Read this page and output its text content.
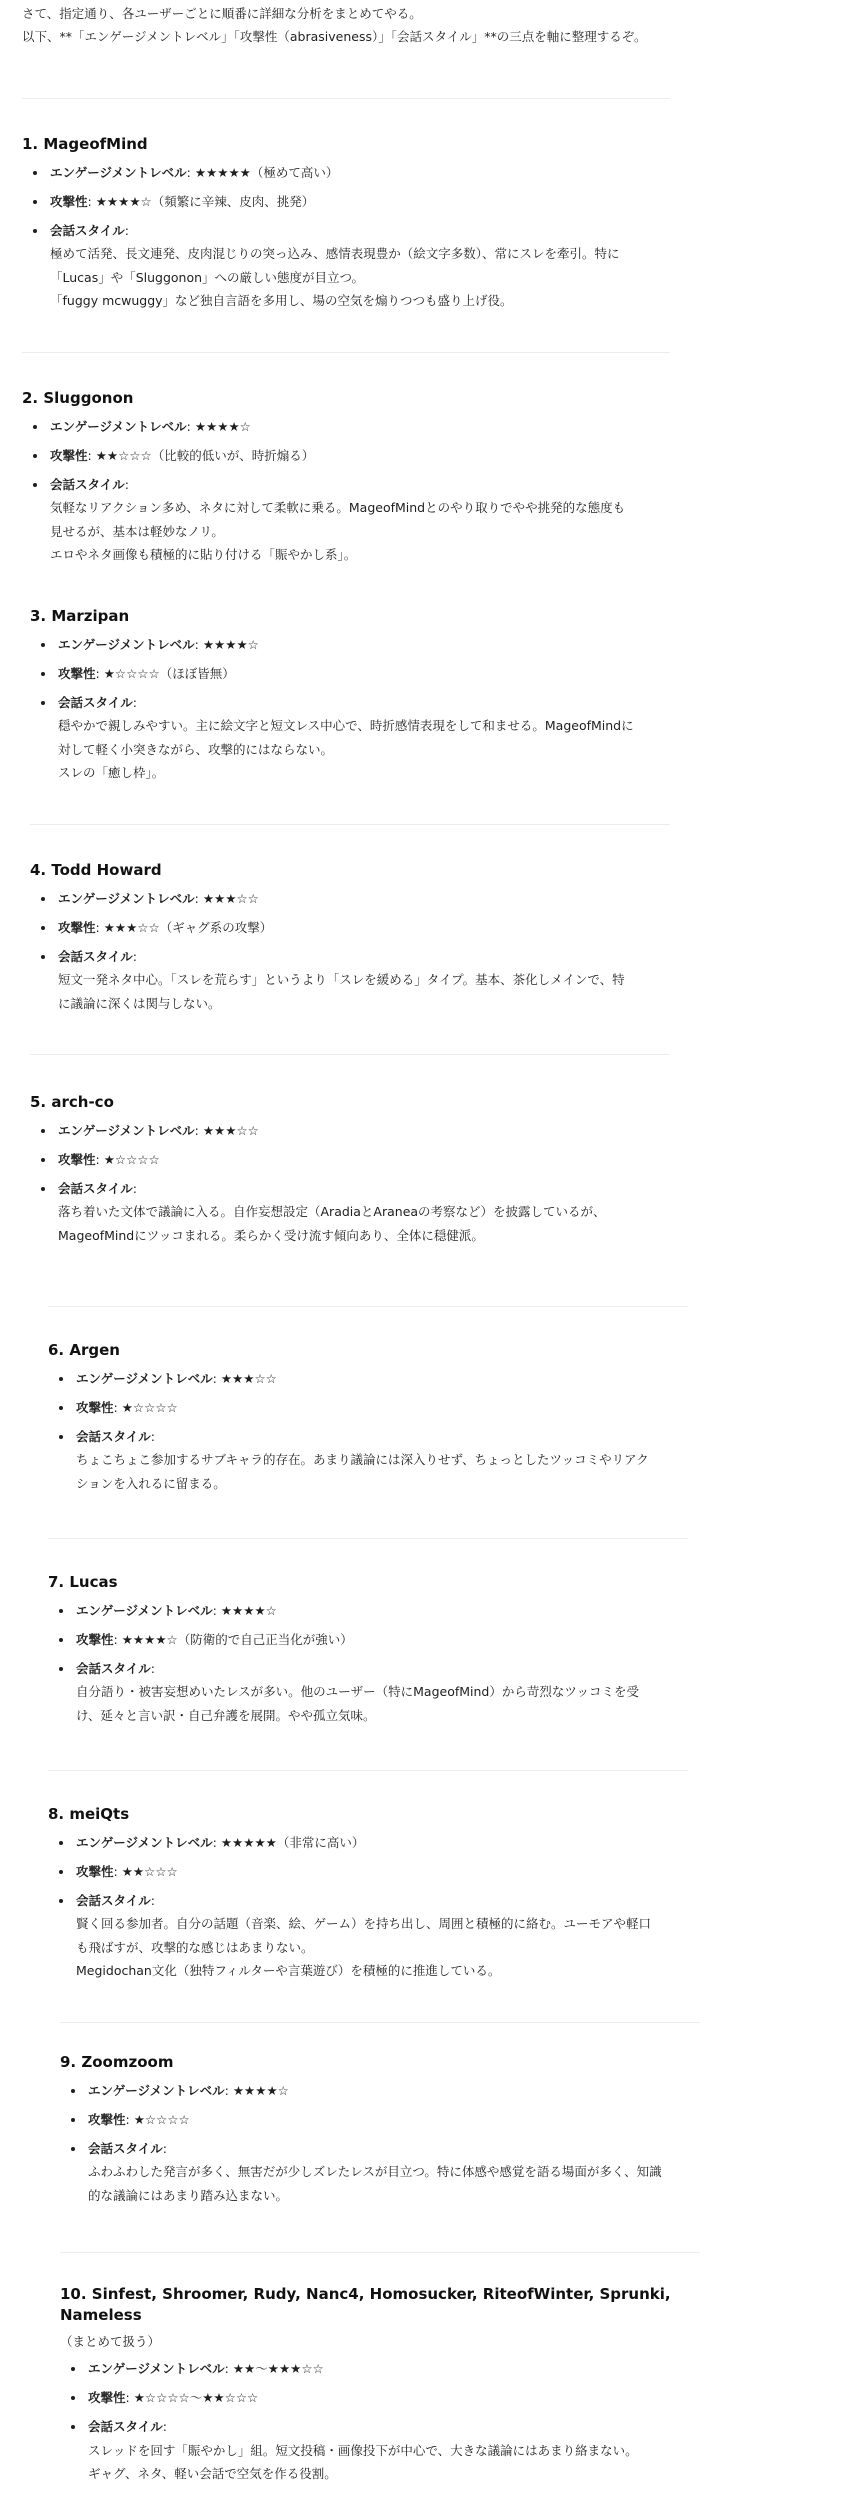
さて、指定通り、各ユーザーごとに順番に詳細な分析をまとめてやる。

以下、**「エンゲージメントレベル」「攻撃性（abrasiveness）」「会話スタイル」**の三点を軸に整理するぞ。

1. MageofMind
• エンゲージメントレベル: ★★★★★（極めて高い）
• 攻撃性: ★★★★☆（頻繁に辛辣、皮肉、挑発）
• 会話スタイル:
極めて活発、長文連発、皮肉混じりの突っ込み、感情表現豊か（絵文字多数）、常にスレを牽引。特に
「Lucas」や「Sluggonon」への厳しい態度が目立つ。
「fuggy mcwuggy」など独自言語を多用し、場の空気を煽りつつも盛り上げ役。
2. Sluggonon
• エンゲージメントレベル: ★★★★☆
• 攻撃性: ★★☆☆☆（比較的低いが、時折煽る）
• 会話スタイル:
気軽なリアクション多め、ネタに対して柔軟に乗る。MageofMindとのやり取りでやや挑発的な態度も
見せるが、基本は軽妙なノリ。
エロやネタ画像も積極的に貼り付ける「賑やかし系」。
3. Marzipan
• エンゲージメントレベル: ★★★★☆
• 攻撃性: ★☆☆☆☆（ほぼ皆無）
• 会話スタイル:
穏やかで親しみやすい。主に絵文字と短文レス中心で、時折感情表現をして和ませる。MageofMindに
対して軽く小突きながら、攻撃的にはならない。
スレの「癒し枠」。
4. Todd Howard
• エンゲージメントレベル: ★★★☆☆
• 攻撃性: ★★★☆☆（ギャグ系の攻撃）
• 会話スタイル:
短文一発ネタ中心。「スレを荒らす」というより「スレを緩める」タイプ。基本、茶化しメインで、特
に議論に深くは関与しない。
5. arch-co
• エンゲージメントレベル: ★★★☆☆
• 攻撃性: ★☆☆☆☆
• 会話スタイル:
落ち着いた文体で議論に入る。自作妄想設定（AradiaとAraneaの考察など）を披露しているが、
MageofMindにツッコまれる。柔らかく受け流す傾向あり、全体に穏健派。
6. Argen
• エンゲージメントレベル: ★★★☆☆
• 攻撃性: ★☆☆☆☆
• 会話スタイル:
ちょこちょこ参加するサブキャラ的存在。あまり議論には深入りせず、ちょっとしたツッコミやリアク
ションを入れるに留まる。
7. Lucas
• エンゲージメントレベル: ★★★★☆
• 攻撃性: ★★★★☆（防衛的で自己正当化が強い）
• 会話スタイル:
自分語り・被害妄想めいたレスが多い。他のユーザー（特にMageofMind）から苛烈なツッコミを受
け、延々と言い訳・自己弁護を展開。やや孤立気味。
8. meiQts
• エンゲージメントレベル: ★★★★★（非常に高い）
• 攻撃性: ★★☆☆☆
• 会話スタイル:
賢く回る参加者。自分の話題（音楽、絵、ゲーム）を持ち出し、周囲と積極的に絡む。ユーモアや軽口
も飛ばすが、攻撃的な感じはあまりない。
Megidochan文化（独特フィルターや言葉遊び）を積極的に推進している。
9. Zoomzoom
• エンゲージメントレベル: ★★★★☆
• 攻撃性: ★☆☆☆☆
• 会話スタイル:
ふわふわした発言が多く、無害だが少しズレたレスが目立つ。特に体感や感覚を語る場面が多く、知識
的な議論にはあまり踏み込まない。
10. Sinfest, Shroomer, Rudy, Nanc4, Homosucker, RiteofWinter, Sprunki, Nameless

（まとめて扱う）

• エンゲージメントレベル: ★★～★★★☆☆
• 攻撃性: ★☆☆☆☆～★★☆☆☆
• 会話スタイル:
スレッドを回す「賑やかし」組。短文投稿・画像投下が中心で、大きな議論にはあまり絡まない。
ギャグ、ネタ、軽い会話で空気を作る役割。
